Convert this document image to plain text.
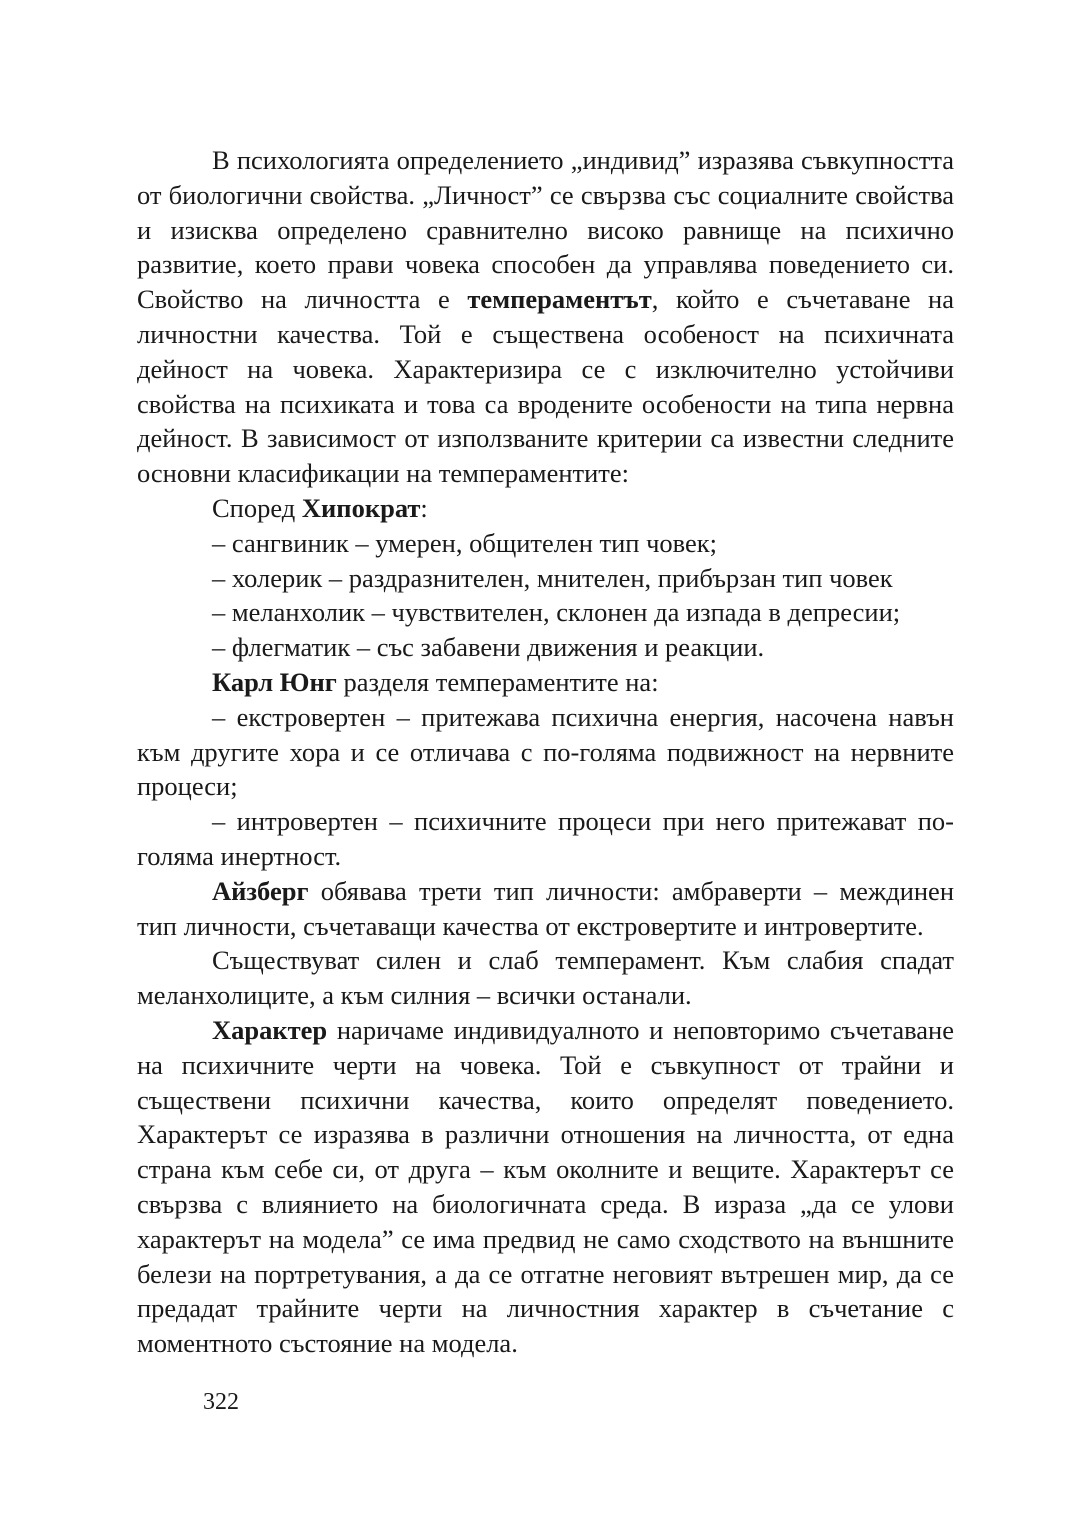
В психологията определението „индивид” изразява съвкупността от биологични свойства. „Личност” се свързва със социалните свойства и изисква определено сравнително високо равнище на психично развитие, което прави човека способен да управлява поведението си. Свойство на личността е темпераментът, който е съчетаване на личностни качества. Той е съществена особеност на психичната дейност на човека. Характеризира се с изключително устойчиви свойства на психиката и това са вродените особености на типа нервна дейност. В зависимост от използваните критерии са известни следните основни класификации на темпераментите:

Според Хипократ:

– сангвиник – умерен, общителен тип човек;

– холерик – раздразнителен, мнителен, прибързан тип човек

– меланхолик – чувствителен, склонен да изпада в депресии;

– флегматик – със забавени движения и реакции.

Карл Юнг разделя темпераментите на:

– екстровертен – притежава психична енергия, насочена навън към другите хора и се отличава с по-голяма подвижност на нервните процеси;

– интровертен – психичните процеси при него притежават по-голяма инертност.

Айзберг обявава трети тип личности: амбраверти – междинен тип личности, съчетаващи качества от екстровертите и интровертите.

Съществуват силен и слаб темперамент. Към слабия спадат меланхолиците, а към силния – всички останали.

Характер наричаме индивидуалното и неповторимо съчетаване на психичните черти на човека. Той е съвкупност от трайни и съществени психични качества, които определят поведението. Характерът се изразява в различни отношения на личността, от една страна към себе си, от друга – към околните и вещите. Характерът се свързва с влиянието на биологичната среда. В израза „да се улови характерът на модела” се има предвид не само сходството на външните белези на портретувания, а да се отгатне неговият вътрешен мир, да се предадат трайните черти на личностния характер в съчетание с моментното състояние на модела.

322
